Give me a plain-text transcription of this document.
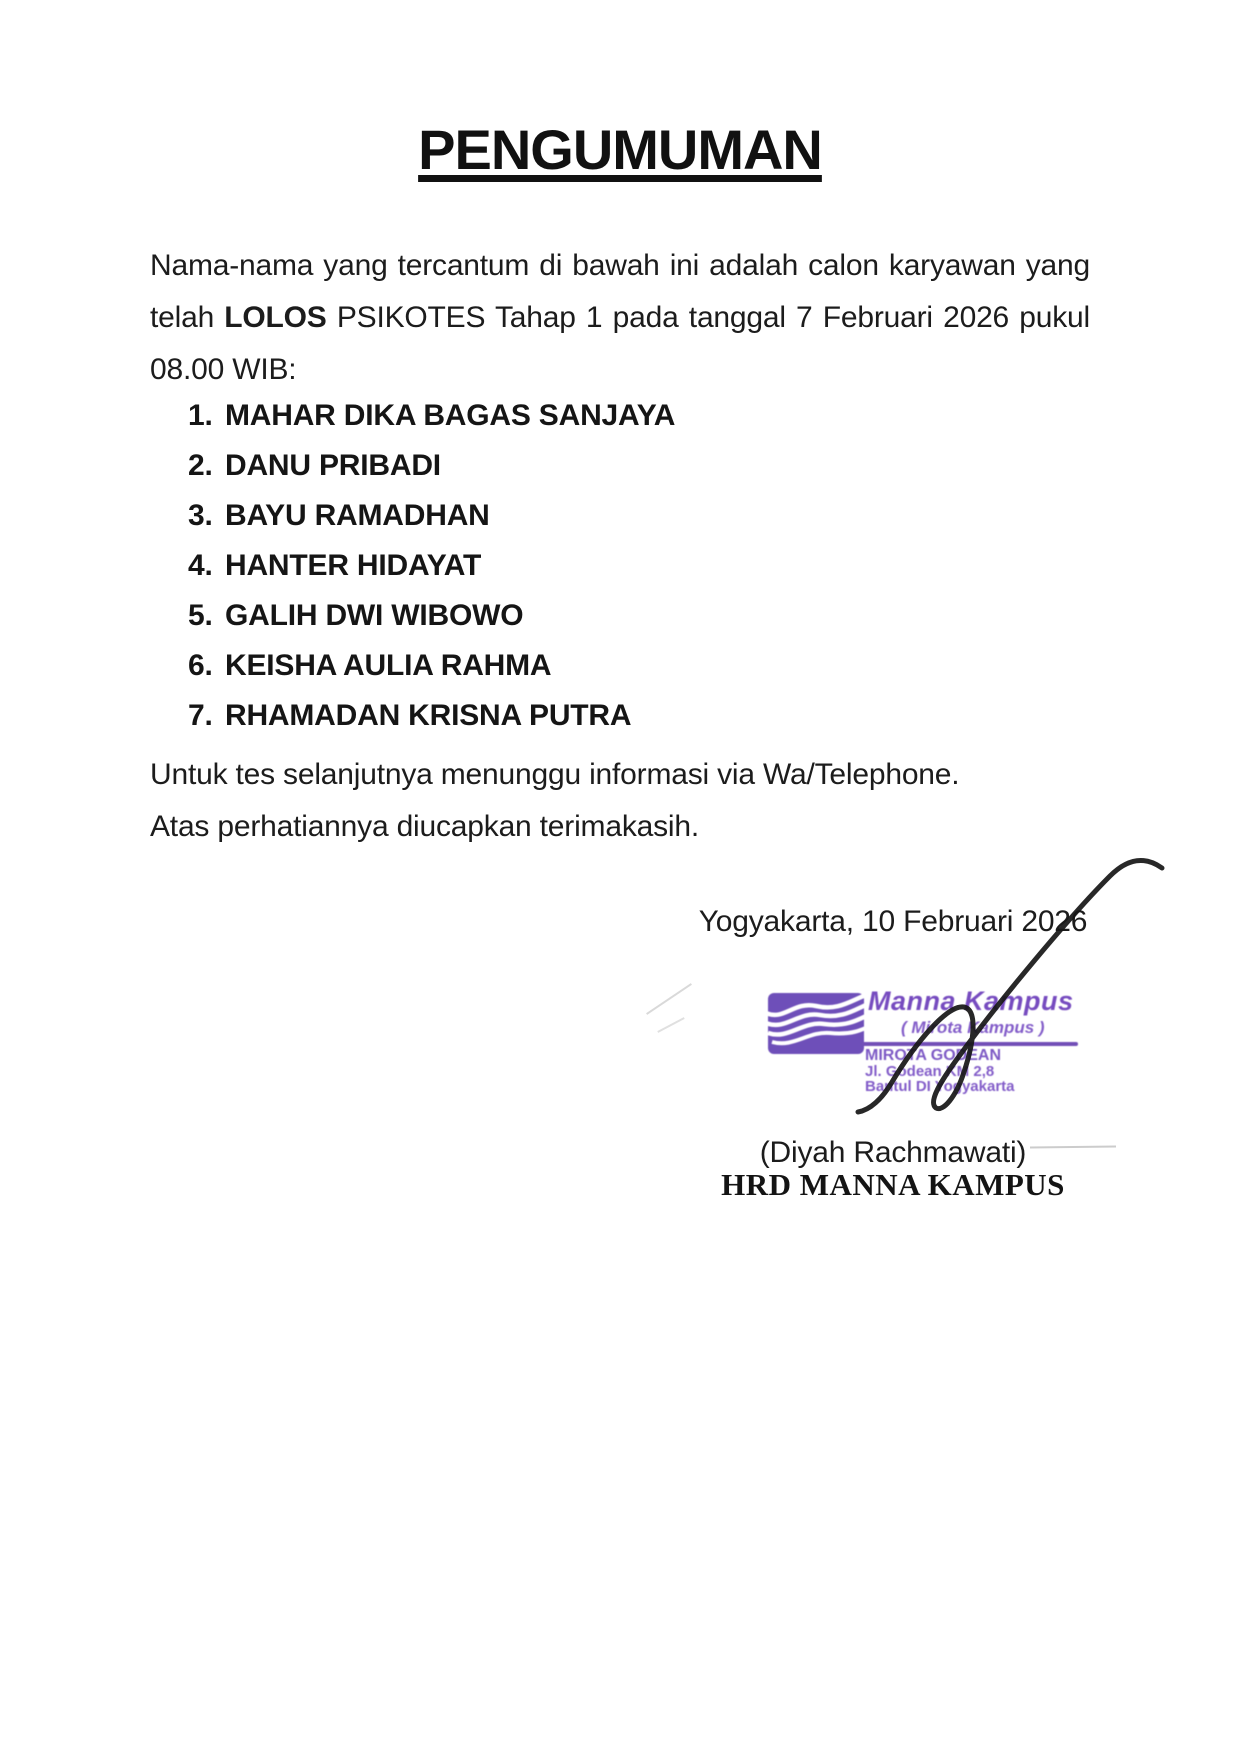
PENGUMUMAN
Nama-nama yang tercantum di bawah ini adalah calon karyawan yang
telah LOLOS PSIKOTES Tahap 1 pada tanggal 7 Februari 2026 pukul
08.00 WIB:
1. MAHAR DIKA BAGAS SANJAYA
2. DANU PRIBADI
3. BAYU RAMADHAN
4. HANTER HIDAYAT
5. GALIH DWI WIBOWO
6. KEISHA AULIA RAHMA
7. RHAMADAN KRISNA PUTRA
Untuk tes selanjutnya menunggu informasi via Wa/Telephone.
Atas perhatiannya diucapkan terimakasih.
Yogyakarta, 10 Februari 2026
Manna Kampus
( Mirota Kampus )
MIROTA GODEAN
Jl. Godean KM 2,8
Bantul DI Yogyakarta
(Diyah Rachmawati)
HRD MANNA KAMPUS
